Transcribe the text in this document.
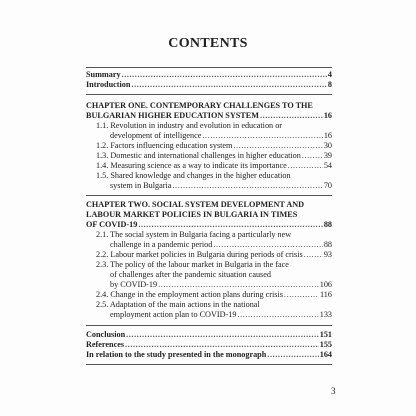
CONTENTS
Summary .....	4
Introduction .....	8
CHAPTER ONE. CONTEMPORARY CHALLENGES TO THE
BULGARIAN HIGHER EDUCATION SYSTEM .....	16
1.1. Revolution in industry and evolution in education or
development of intelligence .....	16
1.2. Factors influencing education system .....	30
1.3. Domestic and international challenges in higher education .....	39
1.4. Measuring science as a way to indicate its importance .....	54
1.5. Shared knowledge and changes in the higher education
system in Bulgaria .....	70
CHAPTER TWO. SOCIAL SYSTEM DEVELOPMENT AND
LABOUR MARKET POLICIES IN BULGARIA IN TIMES
OF COVID-19 .....	88
2.1. The social system in Bulgaria facing a particularly new
challenge in a pandemic period .....	88
2.2. Labour market policies in Bulgaria during periods of crisis .....	93
2.3. The policy of the labour market in Bulgaria in the face
of challenges after the pandemic situation caused
by COVID-19 .....	106
2.4. Change in the employment action plans during crisis .....	116
2.5. Adaptation of the main actions in the national
employment action plan to COVID-19 .....	133
Conclusion .....	151
References .....	155
In relation to the study presented in the monograph .....	164
3
